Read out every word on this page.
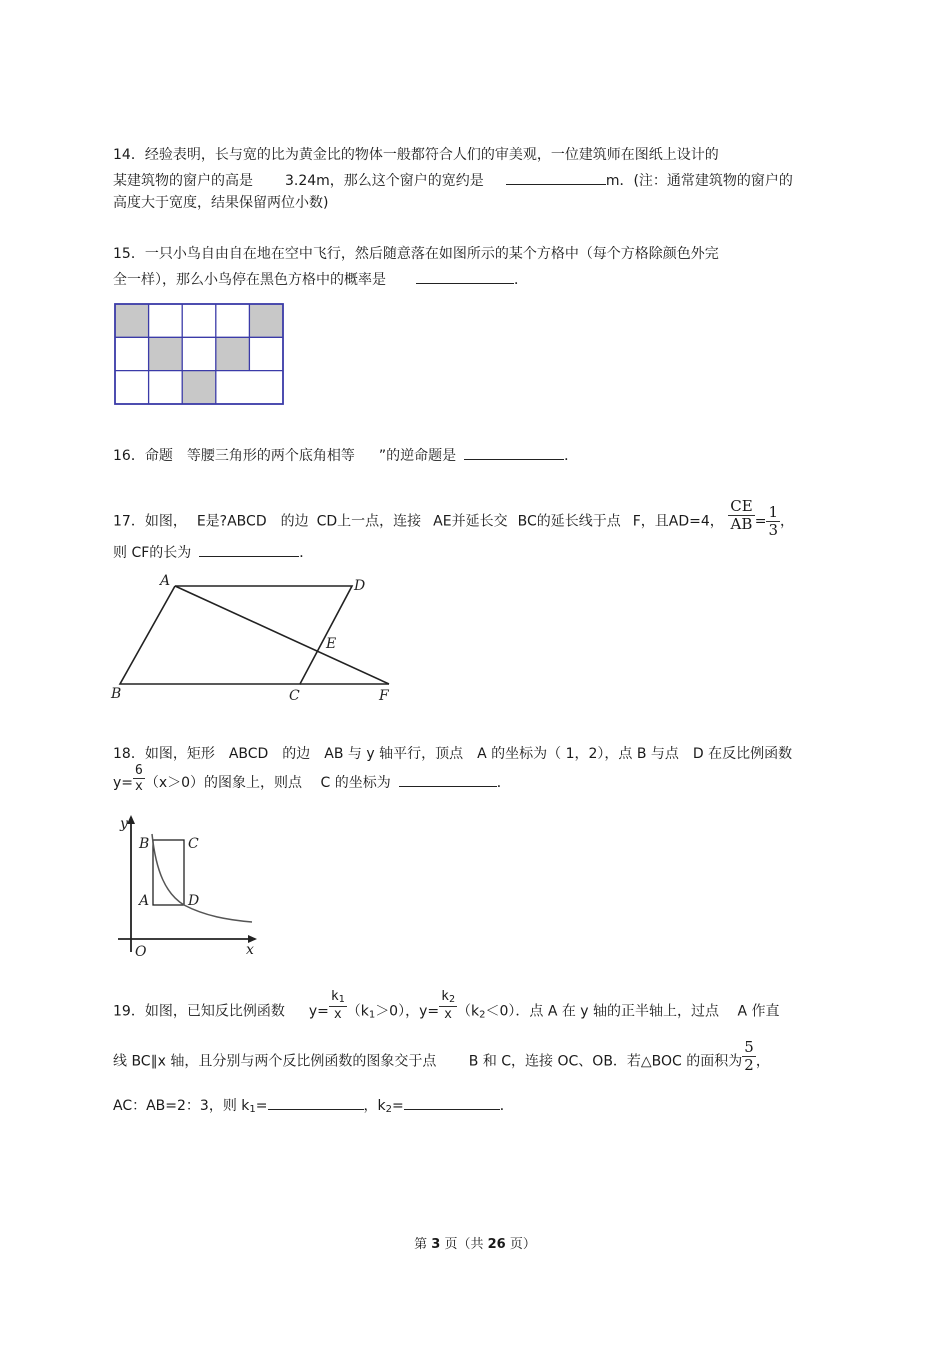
14．经验表明，长与宽的比为黄金比的物体一般都符合人们的审美观，一位建筑师在图纸上设计的
某建筑物的窗户的高是 3.24m，那么这个窗户的宽约是	m．(注：通常建筑物的窗户的
高度大于宽度，结果保留两位小数)
15．一只小鸟自由自在地在空中飞行，然后随意落在如图所示的某个方格中（每个方格除颜色外完
全一样），那么小鸟停在黑色方格中的概率是	．
16．命题 等腰三角形的两个底角相等 ”的逆命题是	．
17．如图， E是?ABCD 的边 CD上一点，连接 AE并延长交 BC的延长线于点 F，且AD=4， $\frac{CE}{AB} = \frac{1}{3}$ ，
则 CF的长为	．
A	D
E
B	C	F
18．如图，矩形　ABCD　的边　AB 与 y 轴平行，顶点　A 的坐标为（ 1，2），点 B 与点　D 在反比例函数
$y= \frac{6}{x} (x>0)$的图象上，则点　 C 的坐标为	．
y
x
O
B	C
A	D
19．如图，已知反比例函数 $y= \frac{k_1}{x} (k_1>0)$，$y= \frac{k_2}{x} (k_2<0)$．点 A 在 y 轴的正半轴上，过点　 A 作直
线 BC∥x 轴，且分别与两个反比例函数的图象交于点　　 B 和 C，连接 OC、OB．若△BOC 的面积为 $\frac{5}{2}$ ，
AC：AB=2：3，则 $k_1=$	，$k_2=$	．
第 3 页（共 26 页）
